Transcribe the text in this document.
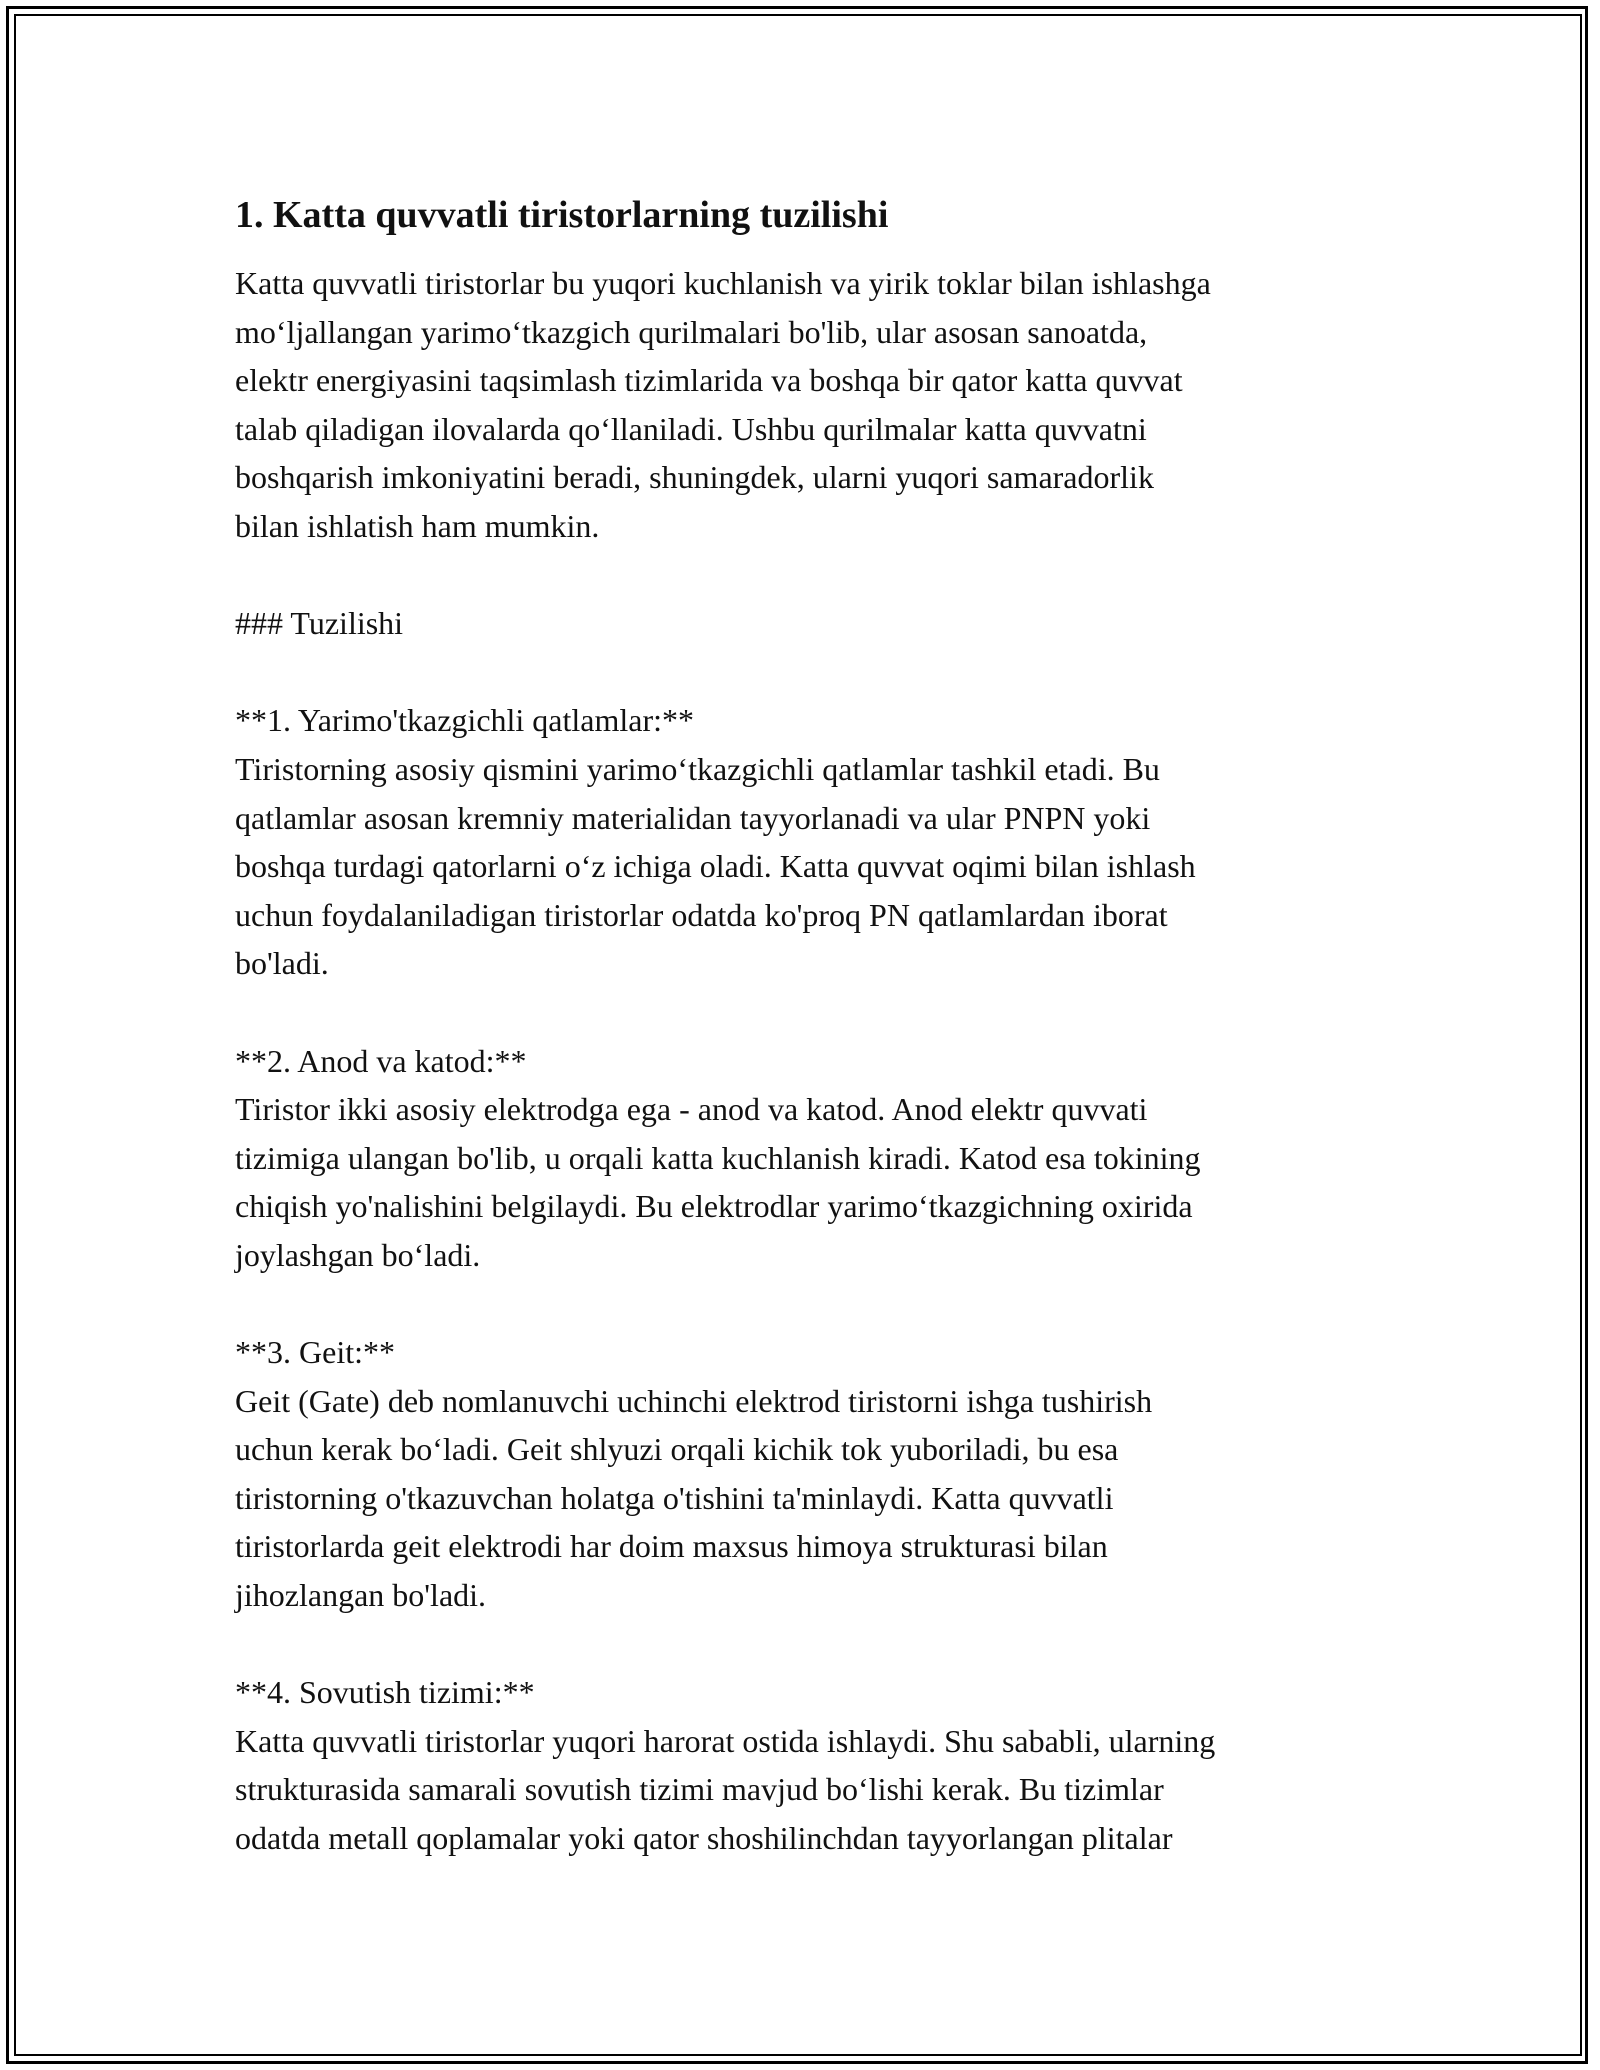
1. Katta quvvatli tiristorlarning tuzilishi

Katta quvvatli tiristorlar bu yuqori kuchlanish va yirik toklar bilan ishlashga
mo‘ljallangan yarimo‘tkazgich qurilmalari bo'lib, ular asosan sanoatda,
elektr energiyasini taqsimlash tizimlarida va boshqa bir qator katta quvvat
talab qiladigan ilovalarda qo‘llaniladi. Ushbu qurilmalar katta quvvatni
boshqarish imkoniyatini beradi, shuningdek, ularni yuqori samaradorlik
bilan ishlatish ham mumkin.

### Tuzilishi

**1. Yarimo'tkazgichli qatlamlar:**

Tiristorning asosiy qismini yarimo‘tkazgichli qatlamlar tashkil etadi. Bu
qatlamlar asosan kremniy materialidan tayyorlanadi va ular PNPN yoki
boshqa turdagi qatorlarni o‘z ichiga oladi. Katta quvvat oqimi bilan ishlash
uchun foydalaniladigan tiristorlar odatda ko'proq PN qatlamlardan iborat
bo'ladi.

**2. Anod va katod:**

Tiristor ikki asosiy elektrodga ega - anod va katod. Anod elektr quvvati
tizimiga ulangan bo'lib, u orqali katta kuchlanish kiradi. Katod esa tokining
chiqish yo'nalishini belgilaydi. Bu elektrodlar yarimo‘tkazgichning oxirida
joylashgan bo‘ladi.

**3. Geit:**

Geit (Gate) deb nomlanuvchi uchinchi elektrod tiristorni ishga tushirish
uchun kerak bo‘ladi. Geit shlyuzi orqali kichik tok yuboriladi, bu esa
tiristorning o'tkazuvchan holatga o'tishini ta'minlaydi. Katta quvvatli
tiristorlarda geit elektrodi har doim maxsus himoya strukturasi bilan
jihozlangan bo'ladi.

**4. Sovutish tizimi:**

Katta quvvatli tiristorlar yuqori harorat ostida ishlaydi. Shu sababli, ularning
strukturasida samarali sovutish tizimi mavjud bo‘lishi kerak. Bu tizimlar
odatda metall qoplamalar yoki qator shoshilinchdan tayyorlangan plitalar
